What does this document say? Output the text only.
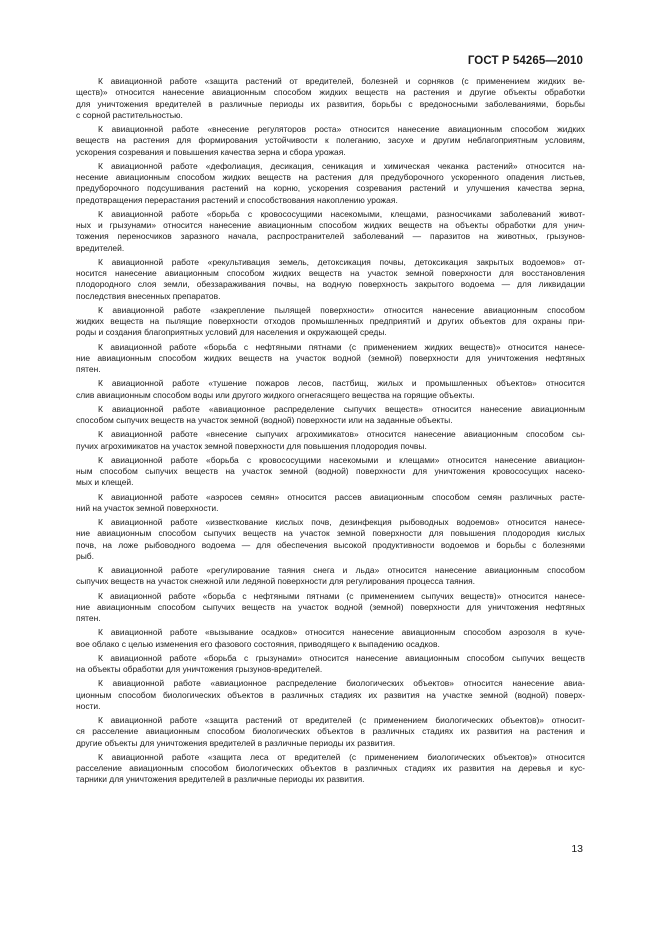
ГОСТ Р 54265—2010
К авиационной работе «защита растений от вредителей, болезней и сорняков (с применением жидких ве-
ществ)» относится нанесение авиационным способом жидких веществ на растения и другие объекты обработки
для уничтожения вредителей в различные периоды их развития, борьбы с вредоносными заболеваниями, борьбы
с сорной растительностью.
К авиационной работе «внесение регуляторов роста» относится нанесение авиационным способом жидких
веществ на растения для формирования устойчивости к полеганию, засухе и другим неблагоприятным условиям,
ускорения созревания и повышения качества зерна и сбора урожая.
К авиационной работе «дефолиация, десикация, сеникация и химическая чеканка растений» относится на-
несение авиационным способом жидких веществ на растения для предуборочного ускоренного опадения листьев,
предуборочного подсушивания растений на корню, ускорения созревания растений и улучшения качества зерна,
предотвращения перерастания растений и способствования накоплению урожая.
К авиационной работе «борьба с кровососущими насекомыми, клещами, разносчиками заболеваний живот-
ных и грызунами» относится нанесение авиационным способом жидких веществ на объекты обработки для унич-
тожения переносчиков заразного начала, распространителей заболеваний — паразитов на животных, грызунов-
вредителей.
К авиационной работе «рекультивация земель, детоксикация почвы, детоксикация закрытых водоемов» от-
носится нанесение авиационным способом жидких веществ на участок земной поверхности для восстановления
плодородного слоя земли, обеззараживания почвы, на водную поверхность закрытого водоема — для ликвидации
последствия внесенных препаратов.
К авиационной работе «закрепление пылящей поверхности» относится нанесение авиационным способом
жидких веществ на пылящие поверхности отходов промышленных предприятий и других объектов для охраны при-
роды и создания благоприятных условий для населения и окружающей среды.
К авиационной работе «борьба с нефтяными пятнами (с применением жидких веществ)» относится нанесе-
ние авиационным способом жидких веществ на участок водной (земной) поверхности для уничтожения нефтяных
пятен.
К авиационной работе «тушение пожаров лесов, пастбищ, жилых и промышленных объектов» относится
слив авиационным способом воды или другого жидкого огнегасящего вещества на горящие объекты.
К авиационной работе «авиационное распределение сыпучих веществ» относится нанесение авиационным
способом сыпучих веществ на участок земной (водной) поверхности или на заданные объекты.
К авиационной работе «внесение сыпучих агрохимикатов» относится нанесение авиационным способом сы-
пучих агрохимикатов на участок земной поверхности для повышения плодородия почвы.
К авиационной работе «борьба с кровососущими насекомыми и клещами» относится нанесение авиацион-
ным способом сыпучих веществ на участок земной (водной) поверхности для уничтожения кровососущих насеко-
мых и клещей.
К авиационной работе «аэросев семян» относится рассев авиационным способом семян различных расте-
ний на участок земной поверхности.
К авиационной работе «известкование кислых почв, дезинфекция рыбоводных водоемов» относится нанесе-
ние авиационным способом сыпучих веществ на участок земной поверхности для повышения плодородия кислых
почв, на ложе рыбоводного водоема — для обеспечения высокой продуктивности водоемов и борьбы с болезнями
рыб.
К авиационной работе «регулирование таяния снега и льда» относится нанесение авиационным способом
сыпучих веществ на участок снежной или ледяной поверхности для регулирования процесса таяния.
К авиационной работе «борьба с нефтяными пятнами (с применением сыпучих веществ)» относится нанесе-
ние авиационным способом сыпучих веществ на участок водной (земной) поверхности для уничтожения нефтяных
пятен.
К авиационной работе «вызывание осадков» относится нанесение авиационным способом аэрозоля в куче-
вое облако с целью изменения его фазового состояния, приводящего к выпадению осадков.
К авиационной работе «борьба с грызунами» относится нанесение авиационным способом сыпучих веществ
на объекты обработки для уничтожения грызунов-вредителей.
К авиационной работе «авиационное распределение биологических объектов» относится нанесение авиа-
ционным способом биологических объектов в различных стадиях их развития на участке земной (водной) поверх-
ности.
К авиационной работе «защита растений от вредителей (с применением биологических объектов)» относит-
ся расселение авиационным способом биологических объектов в различных стадиях их развития на растения и
другие объекты для уничтожения вредителей в различные периоды их развития.
К авиационной работе «защита леса от вредителей (с применением биологических объектов)» относится
расселение авиационным способом биологических объектов в различных стадиях их развития на деревья и кус-
тарники для уничтожения вредителей в различные периоды их развития.
13
